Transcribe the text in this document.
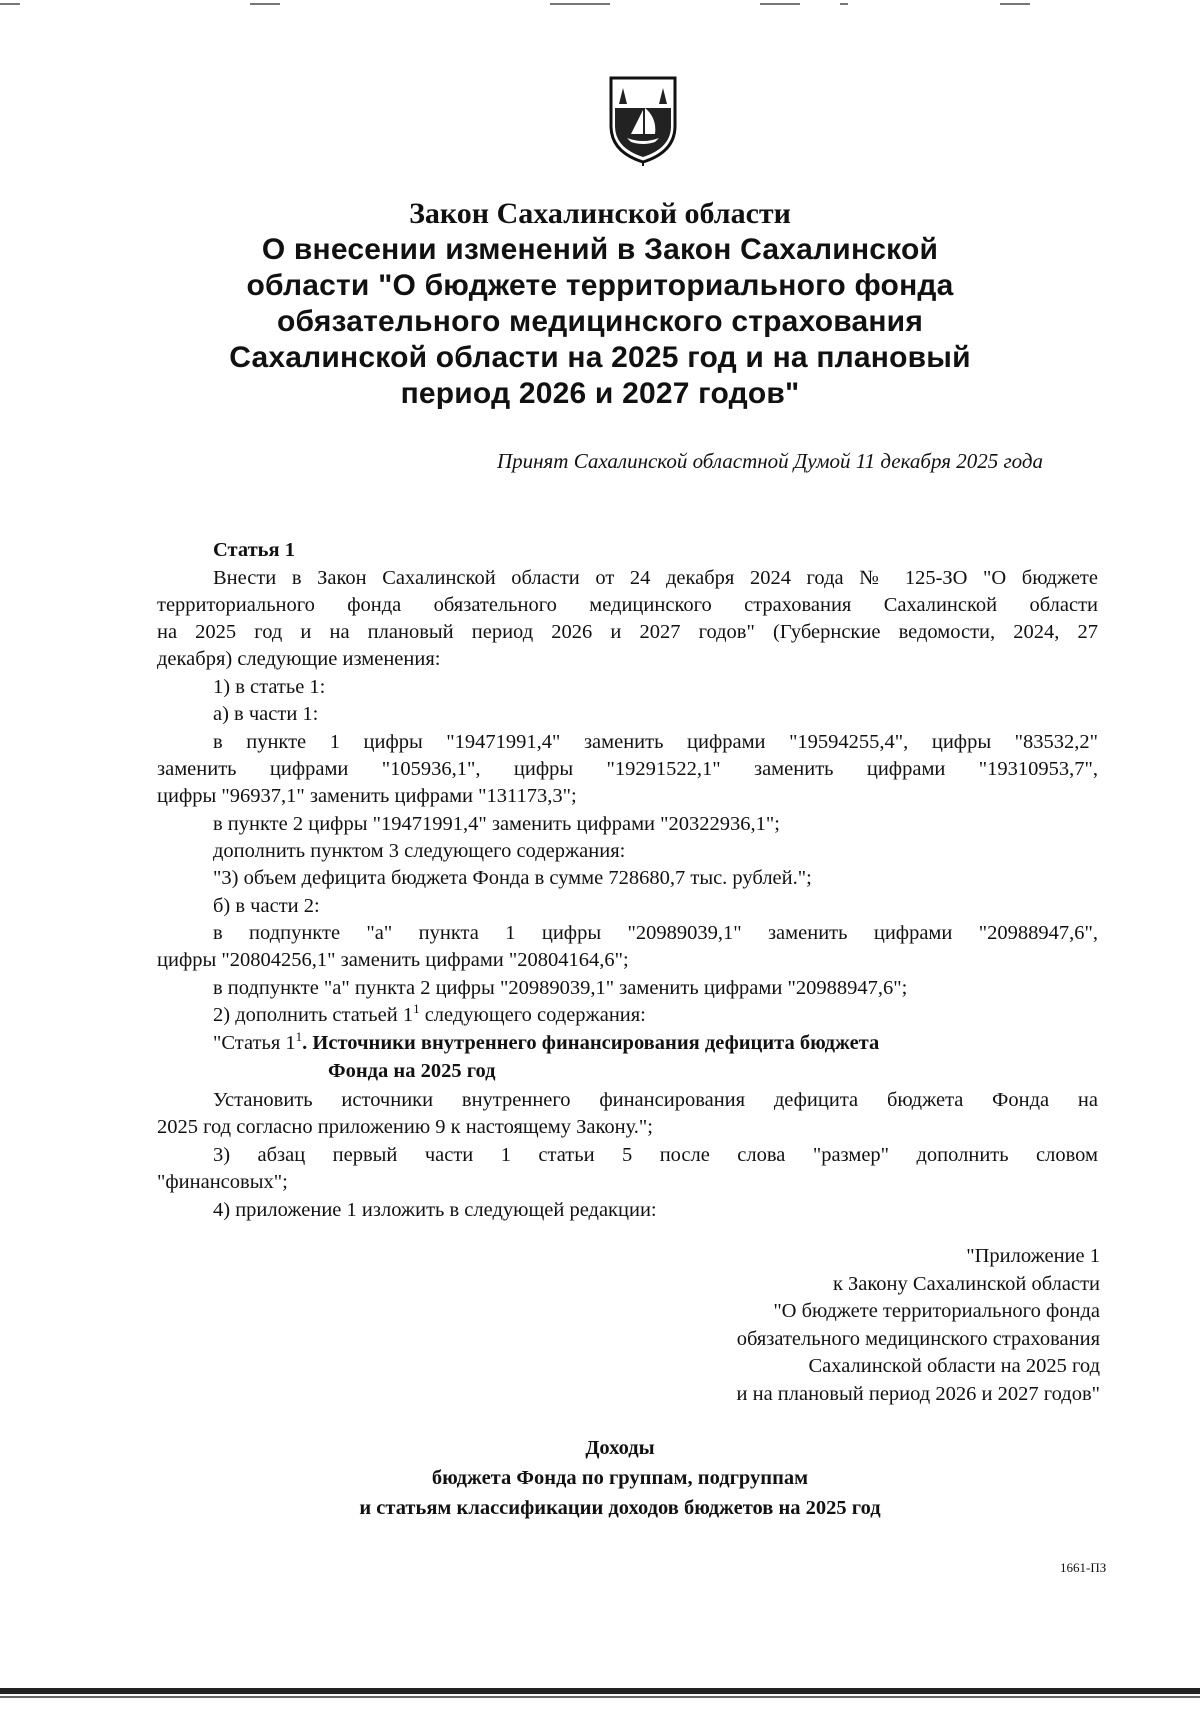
Закон Сахалинской области

О внесении изменений в Закон Сахалинской

области "О бюджете территориального фонда

обязательного медицинского страхования

Сахалинской области на 2025 год и на плановый

период 2026 и 2027 годов"

Принят Сахалинской областной Думой 11 декабря 2025 года
Статья 1
Внести в Закон Сахалинской области от 24 декабря 2024 года № 125-ЗО "О бюджете
территориального фонда обязательного медицинского страхования Сахалинской области
на 2025 год и на плановый период 2026 и 2027 годов" (Губернские ведомости, 2024, 27
декабря) следующие изменения:
1) в статье 1:
а) в части 1:
в пункте 1 цифры "19471991,4" заменить цифрами "19594255,4", цифры "83532,2"
заменить цифрами "105936,1", цифры "19291522,1" заменить цифрами "19310953,7",
цифры "96937,1" заменить цифрами "131173,3";
в пункте 2 цифры "19471991,4" заменить цифрами "20322936,1";
дополнить пунктом 3 следующего содержания:
"3) объем дефицита бюджета Фонда в сумме 728680,7 тыс. рублей.";
б) в части 2:
в подпункте "а" пункта 1 цифры "20989039,1" заменить цифрами "20988947,6",
цифры "20804256,1" заменить цифрами "20804164,6";
в подпункте "а" пункта 2 цифры "20989039,1" заменить цифрами "20988947,6";
2) дополнить статьей $1^1$ следующего содержания:
"Статья $1^1$. Источники внутреннего финансирования дефицита бюджета
Фонда на 2025 год
Установить источники внутреннего финансирования дефицита бюджета Фонда на
2025 год согласно приложению 9 к настоящему Закону.";
3) абзац первый части 1 статьи 5 после слова "размер" дополнить словом
"финансовых";
4) приложение 1 изложить в следующей редакции:
"Приложение 1
к Закону Сахалинской области
"О бюджете территориального фонда
обязательного медицинского страхования
Сахалинской области на 2025 год
и на плановый период 2026 и 2027 годов"
Доходы
бюджета Фонда по группам, подгруппам
и статьям классификации доходов бюджетов на 2025 год
1661-ПЗ
